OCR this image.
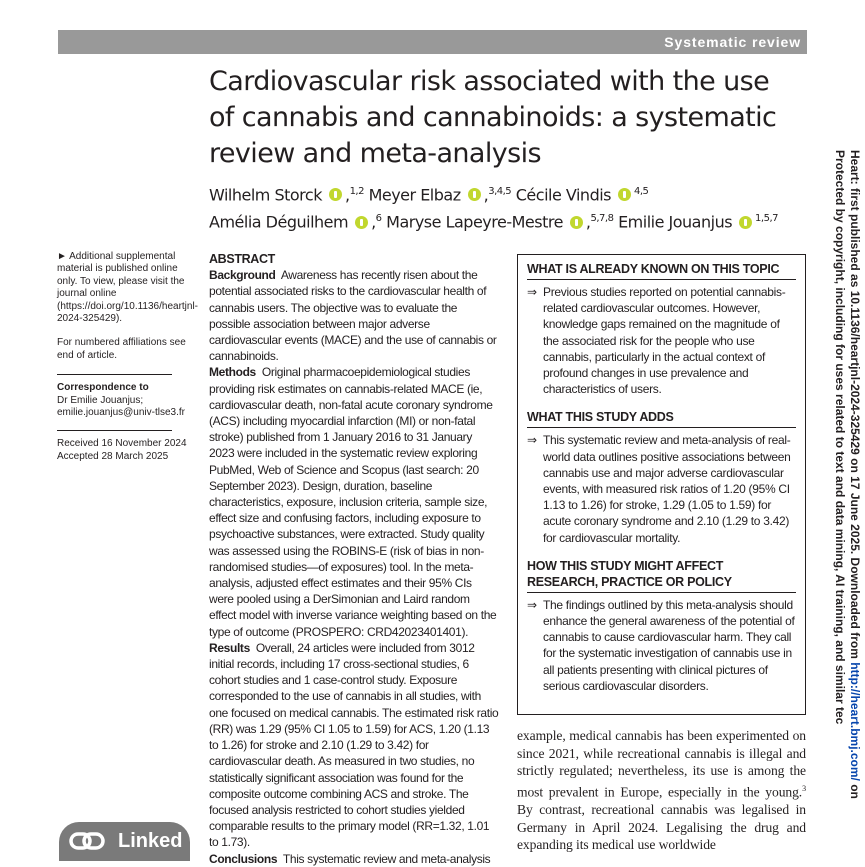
Systematic review
Cardiovascular risk associated with the use of cannabis and cannabinoids: a systematic review and meta-analysis
Wilhelm Storck ,$^{1,2}$ Meyer Elbaz ,$^{3,4,5}$ Cécile Vindis $^{4,5}$
Amélia Déguilhem ,$^6$ Maryse Lapeyre-Mestre ,$^{5,7,8}$ Emilie Jouanjus $^{1,5,7}$

► Additional supplemental material is published online only. To view, please visit the journal online (https://doi.org/10.1136/heartjnl-2024-325429).

For numbered affiliations see end of article.

Correspondence to
Dr Emilie Jouanjus;
emilie.jouanjus@univ-tlse3.fr

Received 16 November 2024

Accepted 28 March 2025

ABSTRACT

Background Awareness has recently risen about the potential associated risks to the cardiovascular health of cannabis users. The objective was to evaluate the possible association between major adverse cardiovascular events (MACE) and the use of cannabis or cannabinoids.

Methods Original pharmacoepidemiological studies providing risk estimates on cannabis-related MACE (ie, cardiovascular death, non-fatal acute coronary syndrome (ACS) including myocardial infarction (MI) or non-fatal stroke) published from 1 January 2016 to 31 January 2023 were included in the systematic review exploring PubMed, Web of Science and Scopus (last search: 20 September 2023). Design, duration, baseline characteristics, exposure, inclusion criteria, sample size, effect size and confusing factors, including exposure to psychoactive substances, were extracted. Study quality was assessed using the ROBINS-E (risk of bias in non-randomised studies—of exposures) tool. In the meta-analysis, adjusted effect estimates and their 95% CIs were pooled using a DerSimonian and Laird random effect model with inverse variance weighting based on the type of outcome (PROSPERO: CRD42023401401).

Results Overall, 24 articles were included from 3012 initial records, including 17 cross-sectional studies, 6 cohort studies and 1 case-control study. Exposure corresponded to the use of cannabis in all studies, with one focused on medical cannabis. The estimated risk ratio (RR) was 1.29 (95% CI 1.05 to 1.59) for ACS, 1.20 (1.13 to 1.26) for stroke and 2.10 (1.29 to 3.42) for cardiovascular death. As measured in two studies, no statistically significant association was found for the composite outcome combining ACS and stroke. The focused analysis restricted to cohort studies yielded comparable results to the primary model (RR=1.32, 1.01 to 1.73).

Conclusions This systematic review and meta-analysis

WHAT IS ALREADY KNOWN ON THIS TOPIC
⇒ Previous studies reported on potential cannabis-related cardiovascular outcomes. However, knowledge gaps remained on the magnitude of the associated risk for the people who use cannabis, particularly in the actual context of profound changes in use prevalence and characteristics of users.
WHAT THIS STUDY ADDS
⇒ This systematic review and meta-analysis of real-world data outlines positive associations between cannabis use and major adverse cardiovascular events, with measured risk ratios of 1.20 (95% CI 1.13 to 1.26) for stroke, 1.29 (1.05 to 1.59) for acute coronary syndrome and 2.10 (1.29 to 3.42) for cardiovascular mortality.
HOW THIS STUDY MIGHT AFFECT RESEARCH, PRACTICE OR POLICY
⇒ The findings outlined by this meta-analysis should enhance the general awareness of the potential of cannabis to cause cardiovascular harm. They call for the systematic investigation of cannabis use in all patients presenting with clinical pictures of serious cardiovascular disorders.
example, medical cannabis has been experimented on since 2021, while recreational cannabis is illegal and strictly regulated; nevertheless, its use is among the most prevalent in Europe, especially in the young.$^3$ By contrast, recreational cannabis was legalised in Germany in April 2024. Legalising the drug and expanding its medical use worldwide
Heart: first published as 10.1136/heartjnl-2024-325429 on 17 June 2025. Downloaded from http://heart.bmj.com/ on
Protected by copyright, including for uses related to text and data mining, AI training, and similar tec
Linked
